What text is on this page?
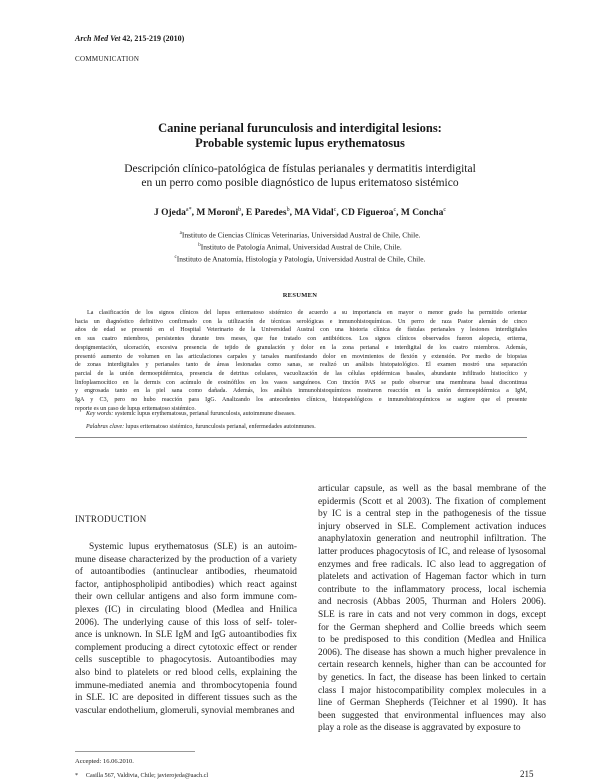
Arch Med Vet 42, 215-219 (2010)
COMMUNICATION
Canine perianal furunculosis and interdigital lesions:
Probable systemic lupus erythematosus
Descripción clínico-patológica de fístulas perianales y dermatitis interdigital
en un perro como posible diagnóstico de lupus eritematoso sistémico
J Ojeda$^{a*}$, M Moroni$^b$, E Paredes$^b$, MA Vidal$^c$, CD Figueroa$^c$, M Concha$^c$
$^a$Instituto de Ciencias Clínicas Veterinarias, Universidad Austral de Chile, Chile.
$^b$Instituto de Patología Animal, Universidad Austral de Chile, Chile.
$^c$Instituto de Anatomía, Histología y Patología, Universidad Austral de Chile, Chile.
RESUMEN
La clasificación de los signos clínicos del lupus eritematoso sistémico de acuerdo a su importancia en mayor o menor grado ha permitido orientar
hacia un diagnóstico definitivo confirmado con la utilización de técnicas serológicas e inmunohistoquímicas. Un perro de raza Pastor alemán de cinco
años de edad se presentó en el Hospital Veterinario de la Universidad Austral con una historia clínica de fístulas perianales y lesiones interdigitales
en sus cuatro miembros, persistentes durante tres meses, que fue tratado con antibióticos. Los signos clínicos observados fueron alopecia, eritema,
despigmentación, ulceración, excesiva presencia de tejido de granulación y dolor en la zona perianal e interdigital de los cuatro miembros. Además,
presentó aumento de volumen en las articulaciones carpales y tarsales manifestando dolor en movimientos de flexión y extensión. Por medio de biopsias
de zonas interdigitales y perianales tanto de áreas lesionadas como sanas, se realizó un análisis histopatológico. El examen mostró una separación
parcial de la unión dermoepidérmica, presencia de detritus celulares, vacuolización de las células epidérmicas basales, abundante infiltrado histiocítico y
linfoplasmocítico en la dermis con acúmulo de eosinófilos en los vasos sanguíneos. Con tinción PAS se pudo observar una membrana basal discontinua
y engrosada tanto en la piel sana como dañada. Además, los análisis inmunohistoquímicos mostraron reacción en la unión dermoepidérmica a IgM,
IgA y C3, pero no hubo reacción para IgG. Analizando los antecedentes clínicos, histopatológicos e inmunohistoquímicos se sugiere que el presente
reporte es un caso de lupus eritematoso sistémico.
Key words: systemic lupus erythematosus, perianal furunculosis, autoimmune diseases.
Palabras clave: lupus eritematoso sistémico, furunculosis perianal, enfermedades autoinmunes.
INTRODUCTION
Systemic lupus erythematosus (SLE) is an autoim-
mune disease characterized by the production of a variety
of autoantibodies (antinuclear antibodies, rheumatoid
factor, antiphospholipid antibodies) which react against
their own cellular antigens and also form immune com-
plexes (IC) in circulating blood (Medlea and Hnilica
2006). The underlying cause of this loss of self- toler-
ance is unknown. In SLE IgM and IgG autoantibodies fix
complement producing a direct cytotoxic effect or render
cells susceptible to phagocytosis. Autoantibodies may
also bind to platelets or red blood cells, explaining the
immune-mediated anemia and thrombocytopenia found
in SLE. IC are deposited in different tissues such as the
vascular endothelium, glomeruli, synovial membranes and
articular capsule, as well as the basal membrane of the
epidermis (Scott et al 2003). The fixation of complement
by IC is a central step in the pathogenesis of the tissue
injury observed in SLE. Complement activation induces
anaphylatoxin generation and neutrophil infiltration. The
latter produces phagocytosis of IC, and release of lysosomal
enzymes and free radicals. IC also lead to aggregation of
platelets and activation of Hageman factor which in turn
contribute to the inflammatory process, local ischemia
and necrosis (Abbas 2005, Thurman and Holers 2006).
SLE is rare in cats and not very common in dogs, except
for the German shepherd and Collie breeds which seem
to be predisposed to this condition (Medlea and Hnilica
2006). The disease has shown a much higher prevalence in
certain research kennels, higher than can be accounted for
by genetics. In fact, the disease has been linked to certain
class I major histocompatibility complex molecules in a
line of German Shepherds (Teichner et al 1990). It has
been suggested that environmental influences may also
play a role as the disease is aggravated by exposure to
Accepted: 16.06.2010.
* Casilla 567, Valdivia, Chile; javierojeda@uach.cl	215
